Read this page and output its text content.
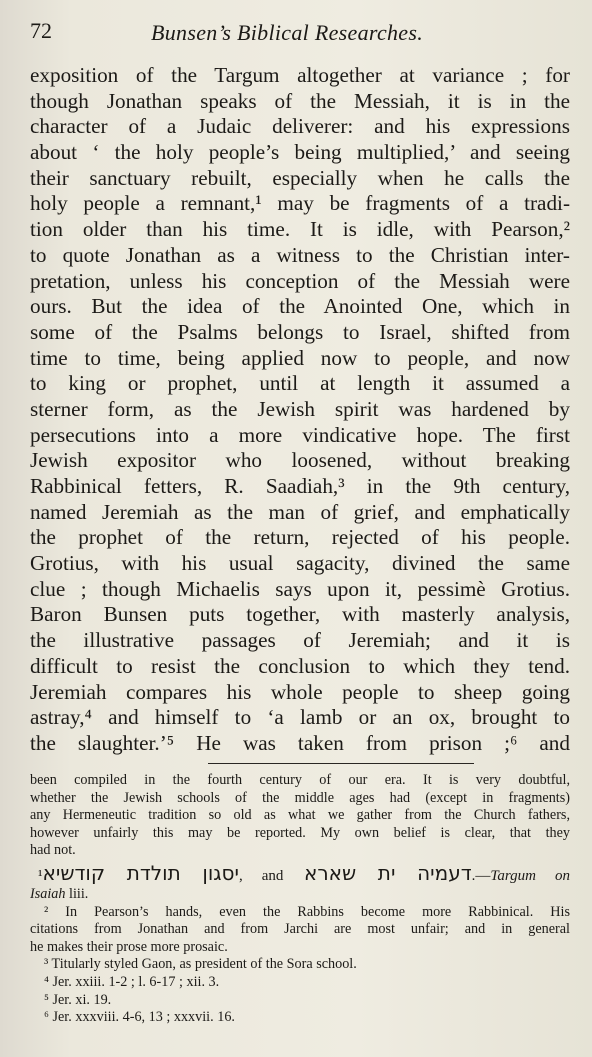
72	Bunsen’s Biblical Researches.
exposition of the Targum altogether at variance ; for
though Jonathan speaks of the Messiah, it is in the
character of a Judaic deliverer: and his expressions
about ‘ the holy people’s being multiplied,’ and seeing
their sanctuary rebuilt, especially when he calls the
holy people a remnant,¹ may be fragments of a tradi-
tion older than his time. It is idle, with Pearson,²
to quote Jonathan as a witness to the Christian inter-
pretation, unless his conception of the Messiah were
ours. But the idea of the Anointed One, which in
some of the Psalms belongs to Israel, shifted from
time to time, being applied now to people, and now
to king or prophet, until at length it assumed a
sterner form, as the Jewish spirit was hardened by
persecutions into a more vindicative hope. The first
Jewish expositor who loosened, without breaking
Rabbinical fetters, R. Saadiah,³ in the 9th century,
named Jeremiah as the man of grief, and emphatically
the prophet of the return, rejected of his people.
Grotius, with his usual sagacity, divined the same
clue ; though Michaelis says upon it, pessimè Grotius.
Baron Bunsen puts together, with masterly analysis,
the illustrative passages of Jeremiah; and it is
difficult to resist the conclusion to which they tend.
Jeremiah compares his whole people to sheep going
astray,⁴ and himself to ‘a lamb or an ox, brought to
the slaughter.’⁵ He was taken from prison ;⁶ and
been compiled in the fourth century of our era. It is very doubtful,
whether the Jewish schools of the middle ages had (except in fragments)
any Hermeneutic tradition so old as what we gather from the Church fathers,
however unfairly this may be reported. My own belief is clear, that they
had not.
¹יסגון תולדת קודשיא, and דעמיה ית שארא.—Targum on
Isaiah liii.
² In Pearson’s hands, even the Rabbins become more Rabbinical. His
citations from Jonathan and from Jarchi are most unfair; and in general
he makes their prose more prosaic.
³ Titularly styled Gaon, as president of the Sora school.
⁴ Jer. xxiii. 1-2 ; l. 6-17 ; xii. 3.
⁵ Jer. xi. 19.
⁶ Jer. xxxviii. 4-6, 13 ; xxxvii. 16.
